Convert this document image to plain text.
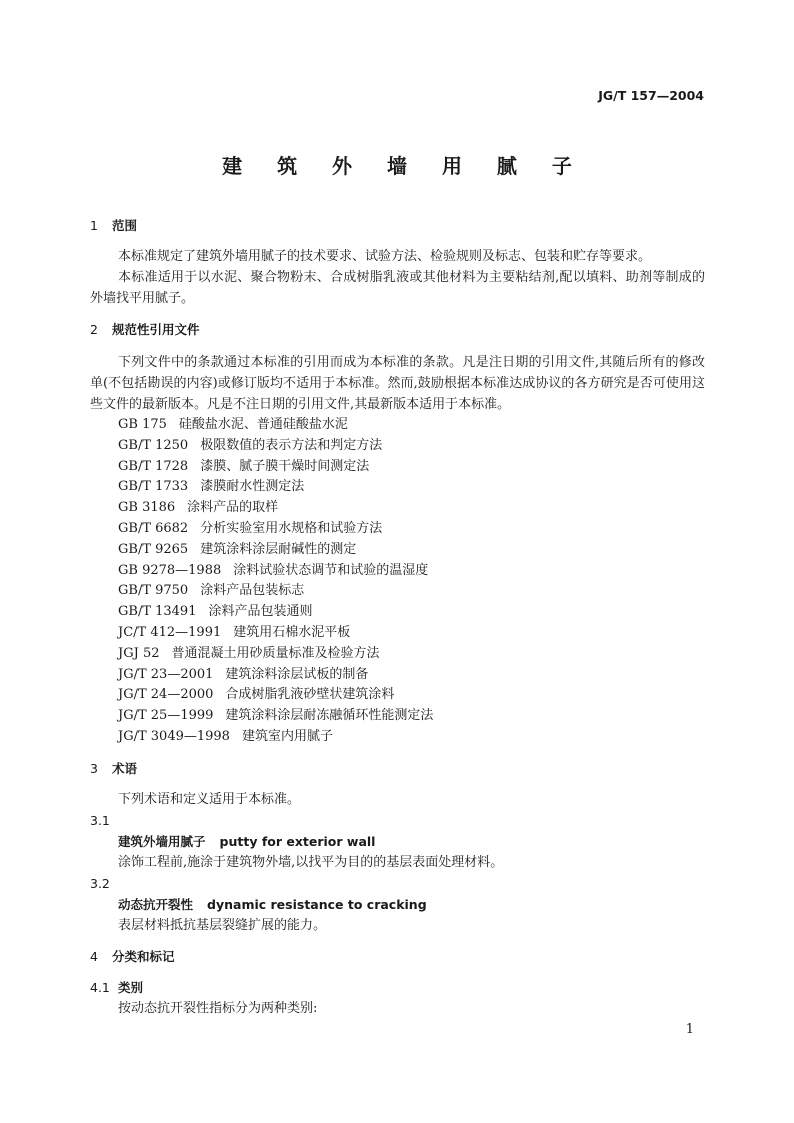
JG/T 157—2004
建 筑 外 墙 用 腻 子
1 范围
本标准规定了建筑外墙用腻子的技术要求、试验方法、检验规则及标志、包装和贮存等要求。
本标准适用于以水泥、聚合物粉末、合成树脂乳液或其他材料为主要粘结剂,配以填料、助剂等制成的外墙找平用腻子。
2 规范性引用文件
下列文件中的条款通过本标准的引用而成为本标准的条款。凡是注日期的引用文件,其随后所有的修改单(不包括勘误的内容)或修订版均不适用于本标准。然而,鼓励根据本标准达成协议的各方研究是否可使用这些文件的最新版本。凡是不注日期的引用文件,其最新版本适用于本标准。
GB 175 硅酸盐水泥、普通硅酸盐水泥
GB/T 1250 极限数值的表示方法和判定方法
GB/T 1728 漆膜、腻子膜干燥时间测定法
GB/T 1733 漆膜耐水性测定法
GB 3186 涂料产品的取样
GB/T 6682 分析实验室用水规格和试验方法
GB/T 9265 建筑涂料涂层耐碱性的测定
GB 9278—1988 涂料试验状态调节和试验的温湿度
GB/T 9750 涂料产品包装标志
GB/T 13491 涂料产品包装通则
JC/T 412—1991 建筑用石棉水泥平板
JGJ 52 普通混凝土用砂质量标准及检验方法
JG/T 23—2001 建筑涂料涂层试板的制备
JG/T 24—2000 合成树脂乳液砂壁状建筑涂料
JG/T 25—1999 建筑涂料涂层耐冻融循环性能测定法
JG/T 3049—1998 建筑室内用腻子
3 术语
下列术语和定义适用于本标准。
3.1
建筑外墙用腻子 putty for exterior wall
涂饰工程前,施涂于建筑物外墙,以找平为目的的基层表面处理材料。
3.2
动态抗开裂性 dynamic resistance to cracking
表层材料抵抗基层裂缝扩展的能力。
4 分类和标记
4.1 类别
按动态抗开裂性指标分为两种类别:
1
